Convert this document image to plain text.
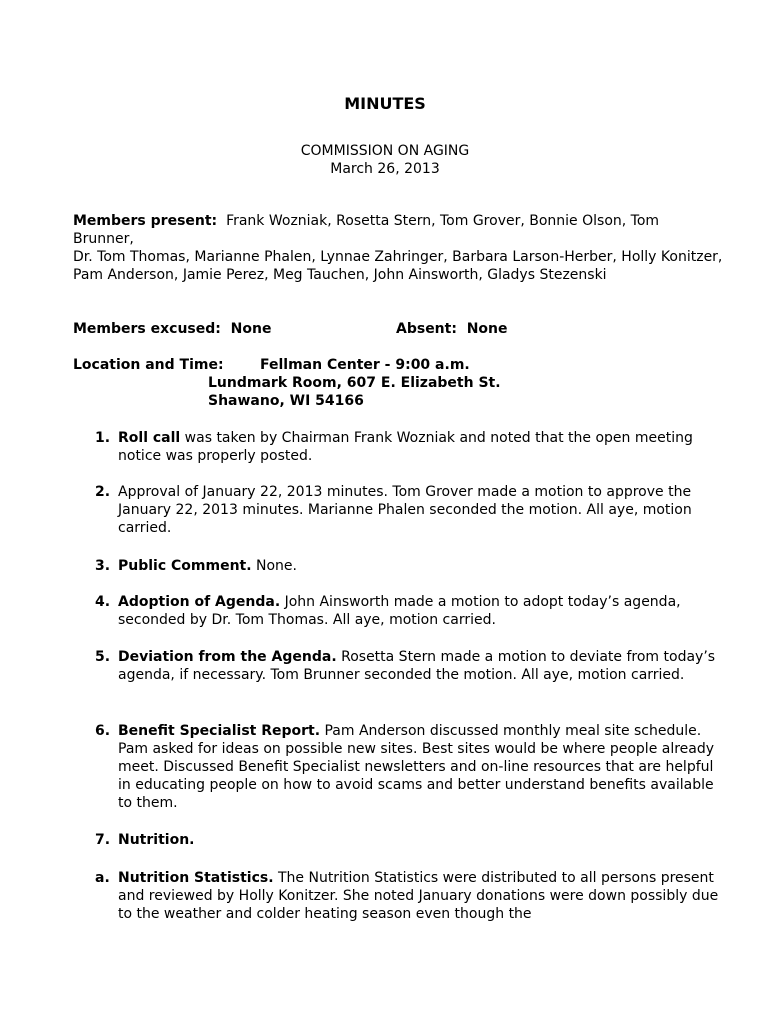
MINUTES

COMMISSION ON AGING

March 26, 2013

Members present: Frank Wozniak, Rosetta Stern, Tom Grover, Bonnie Olson, Tom Brunner,

Dr. Tom Thomas, Marianne Phalen, Lynnae Zahringer, Barbara Larson-Herber, Holly Konitzer, Pam Anderson, Jamie Perez, Meg Tauchen, John Ainsworth, Gladys Stezenski

Members excused: None	Absent: None

Location and Time:	Fellman Center - 9:00 a.m.

Lundmark Room, 607 E. Elizabeth St.

Shawano, WI 54166

1. Roll call was taken by Chairman Frank Wozniak and noted that the open meeting notice was properly posted.
2. Approval of January 22, 2013 minutes. Tom Grover made a motion to approve the January 22, 2013 minutes. Marianne Phalen seconded the motion. All aye, motion carried.
3. Public Comment. None.
4. Adoption of Agenda. John Ainsworth made a motion to adopt today’s agenda, seconded by Dr. Tom Thomas. All aye, motion carried.
5. Deviation from the Agenda. Rosetta Stern made a motion to deviate from today’s agenda, if necessary. Tom Brunner seconded the motion. All aye, motion carried.
6. Benefit Specialist Report. Pam Anderson discussed monthly meal site schedule. Pam asked for ideas on possible new sites. Best sites would be where people already meet. Discussed Benefit Specialist newsletters and on-line resources that are helpful in educating people on how to avoid scams and better understand benefits available to them.
7. Nutrition.
a. Nutrition Statistics. The Nutrition Statistics were distributed to all persons present and reviewed by Holly Konitzer. She noted January donations were down possibly due to the weather and colder heating season even though the
